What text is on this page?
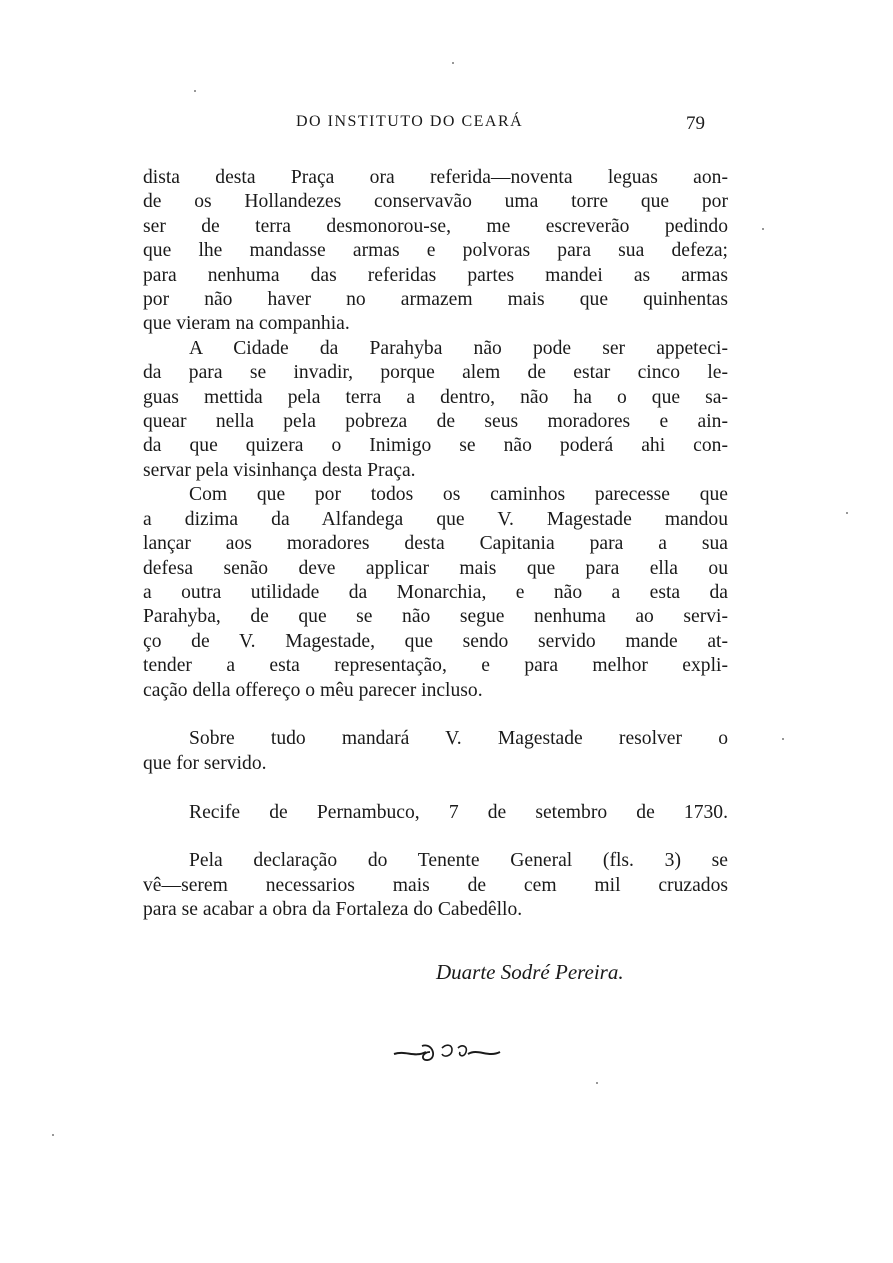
DO INSTITUTO DO CEARÁ	79
dista desta Praça ora referida—noventa leguas aon-
de os Hollandezes conservavão uma torre que por
ser de terra desmonorou-se, me escreverão pedindo
que lhe mandasse armas e polvoras para sua defeza;
para nenhuma das referidas partes mandei as armas
por não haver no armazem mais que quinhentas
que vieram na companhia.
A Cidade da Parahyba não pode ser appeteci-
da para se invadir, porque alem de estar cinco le-
guas mettida pela terra a dentro, não ha o que sa-
quear nella pela pobreza de seus moradores e ain-
da que quizera o Inimigo se não poderá ahi con-
servar pela visinhança desta Praça.
Com que por todos os caminhos parecesse que
a dizima da Alfandega que V. Magestade mandou
lançar aos moradores desta Capitania para a sua
defesa senão deve applicar mais que para ella ou
a outra utilidade da Monarchia, e não a esta da
Parahyba, de que se não segue nenhuma ao servi-
ço de V. Magestade, que sendo servido mande at-
tender a esta representação, e para melhor expli-
cação della offereço o mêu parecer incluso.
Sobre tudo mandará V. Magestade resolver o
que for servido.
Recife de Pernambuco, 7 de setembro de 1730.
Pela declaração do Tenente General (fls. 3) se
vê—serem necessarios mais de cem mil cruzados
para se acabar a obra da Fortaleza do Cabedêllo.
Duarte Sodré Pereira.
